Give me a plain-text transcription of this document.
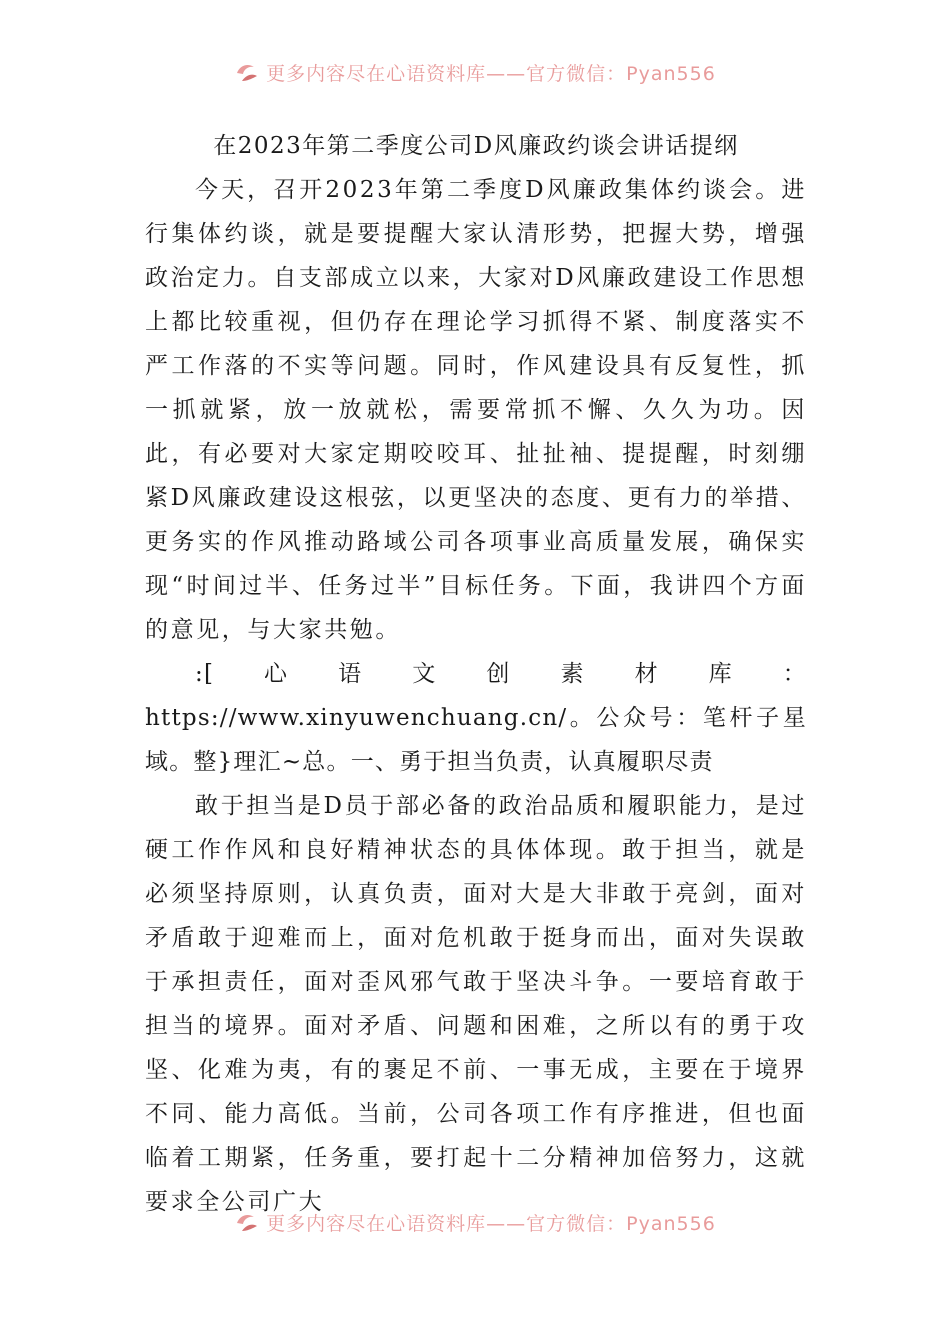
更多内容尽在心语资料库——官方微信：Pyan556
在2023年第二季度公司D风廉政约谈会讲话提纲

今天，召开2023年第二季度D风廉政集体约谈会。进行集体约谈，就是要提醒大家认清形势，把握大势，增强政治定力。自支部成立以来，大家对D风廉政建设工作思想上都比较重视，但仍存在理论学习抓得不紧、制度落实不严工作落的不实等问题。同时，作风建设具有反复性，抓一抓就紧，放一放就松，需要常抓不懈、久久为功。因此，有必要对大家定期咬咬耳、扯扯袖、提提醒，时刻绷紧D风廉政建设这根弦，以更坚决的态度、更有力的举措、更务实的作风推动路域公司各项事业高质量发展，确保实现“时间过半、任务过半”目标任务。下面，我讲四个方面的意见，与大家共勉。

:[心语文创素材库：https://www.xinyuwenchuang.cn/。公众号：笔杆子星域。整}理汇~总。一、勇于担当负责，认真履职尽责

敢于担当是D员于部必备的政治品质和履职能力，是过硬工作作风和良好精神状态的具体体现。敢于担当，就是必须坚持原则，认真负责，面对大是大非敢于亮剑，面对矛盾敢于迎难而上，面对危机敢于挺身而出，面对失误敢于承担责任，面对歪风邪气敢于坚决斗争。一要培育敢于担当的境界。面对矛盾、问题和困难，之所以有的勇于攻坚、化难为夷，有的裹足不前、一事无成，主要在于境界不同、能力高低。当前，公司各项工作有序推进，但也面临着工期紧，任务重，要打起十二分精神加倍努力，这就要求全公司广大

更多内容尽在心语资料库——官方微信：Pyan556
